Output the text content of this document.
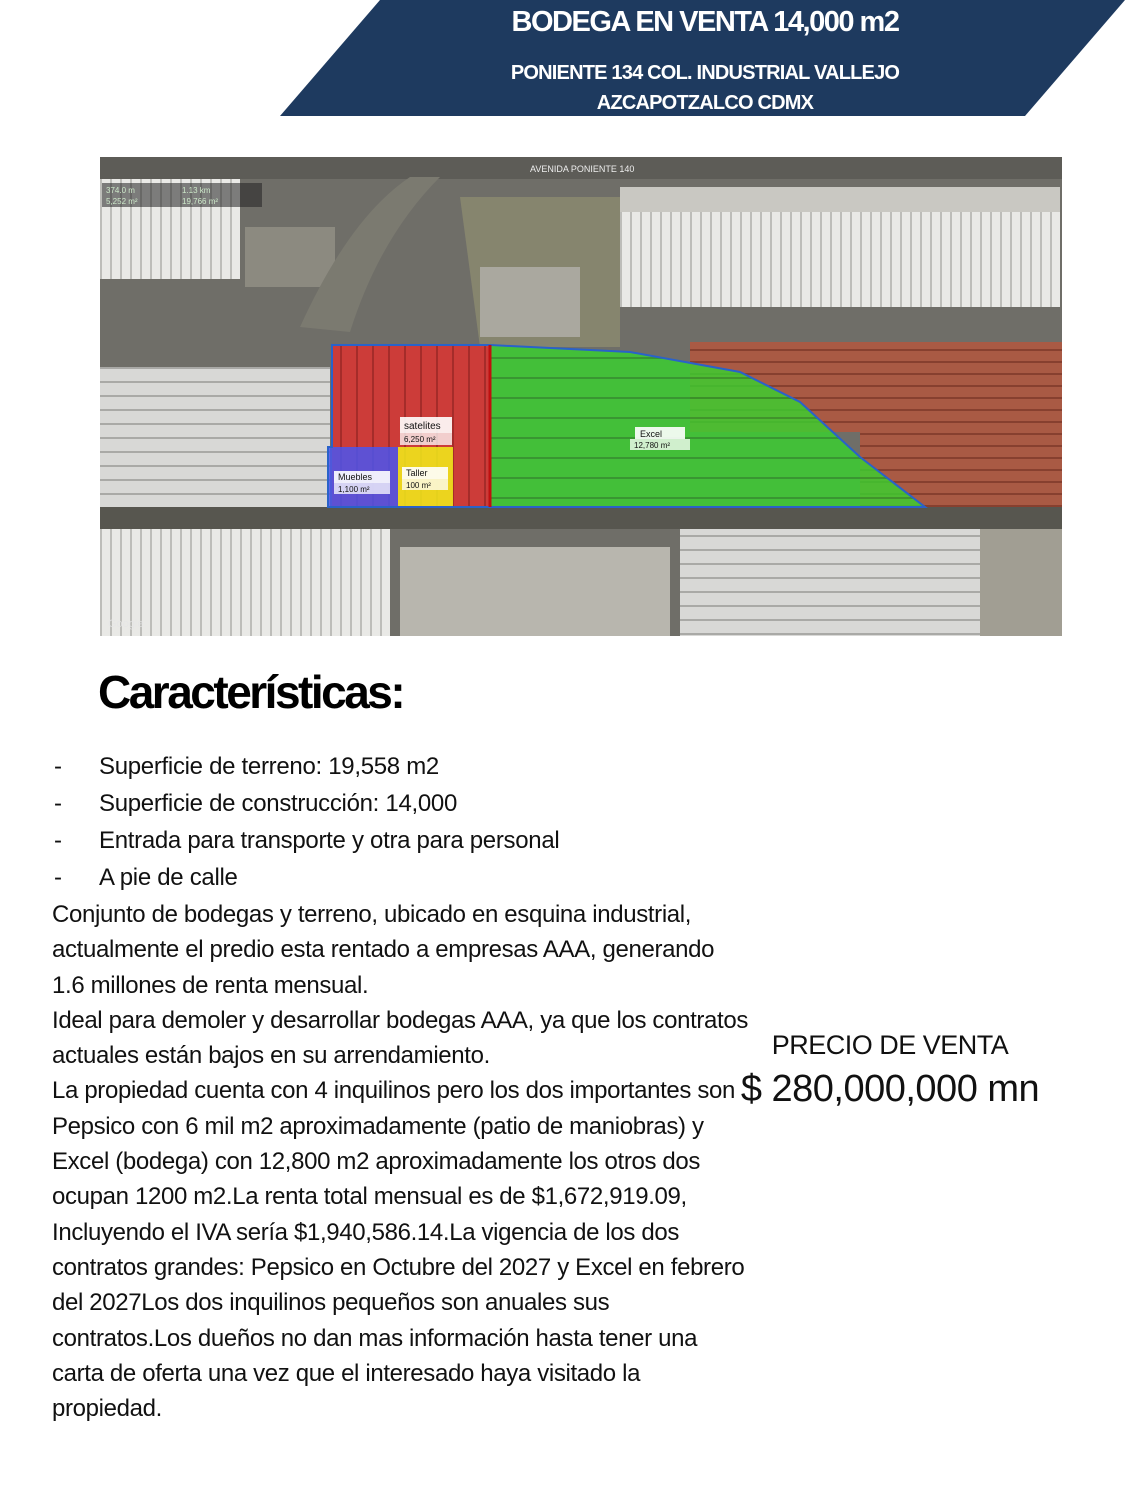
BODEGA EN VENTA 14,000 m2
PONIENTE 134 COL. INDUSTRIAL VALLEJO
AZCAPOTZALCO CDMX
AVENIDA PONIENTE 140
satelites
6,250 m²
Excel
12,780 m²
Muebles
1,100 m²
Taller
100 m²
374.0 m
5,252 m²
1.13 km
19,766 m²
Google
Características:
- Superficie de terreno: 19,558 m2
- Superficie de construcción: 14,000
- Entrada para transporte y otra para personal
- A pie de calle

Conjunto de bodegas y terreno, ubicado en esquina industrial, actualmente el predio esta rentado a empresas AAA, generando 1.6 millones de renta mensual.

Ideal para demoler y desarrollar bodegas AAA, ya que los contratos actuales están bajos en su arrendamiento.

La propiedad cuenta con 4 inquilinos pero los dos importantes son Pepsico con 6 mil m2 aproximadamente (patio de maniobras) y Excel (bodega) con 12,800 m2 aproximadamente los otros dos ocupan 1200 m2.La renta total mensual es de $1,672,919.09, Incluyendo el IVA sería $1,940,586.14.La vigencia de los dos contratos grandes: Pepsico en Octubre del 2027 y Excel en febrero del 2027Los dos inquilinos pequeños son anuales sus contratos.Los dueños no dan mas información hasta tener una carta de oferta una vez que el interesado haya visitado la propiedad.

PRECIO DE VENTA
$ 280,000,000 mn
